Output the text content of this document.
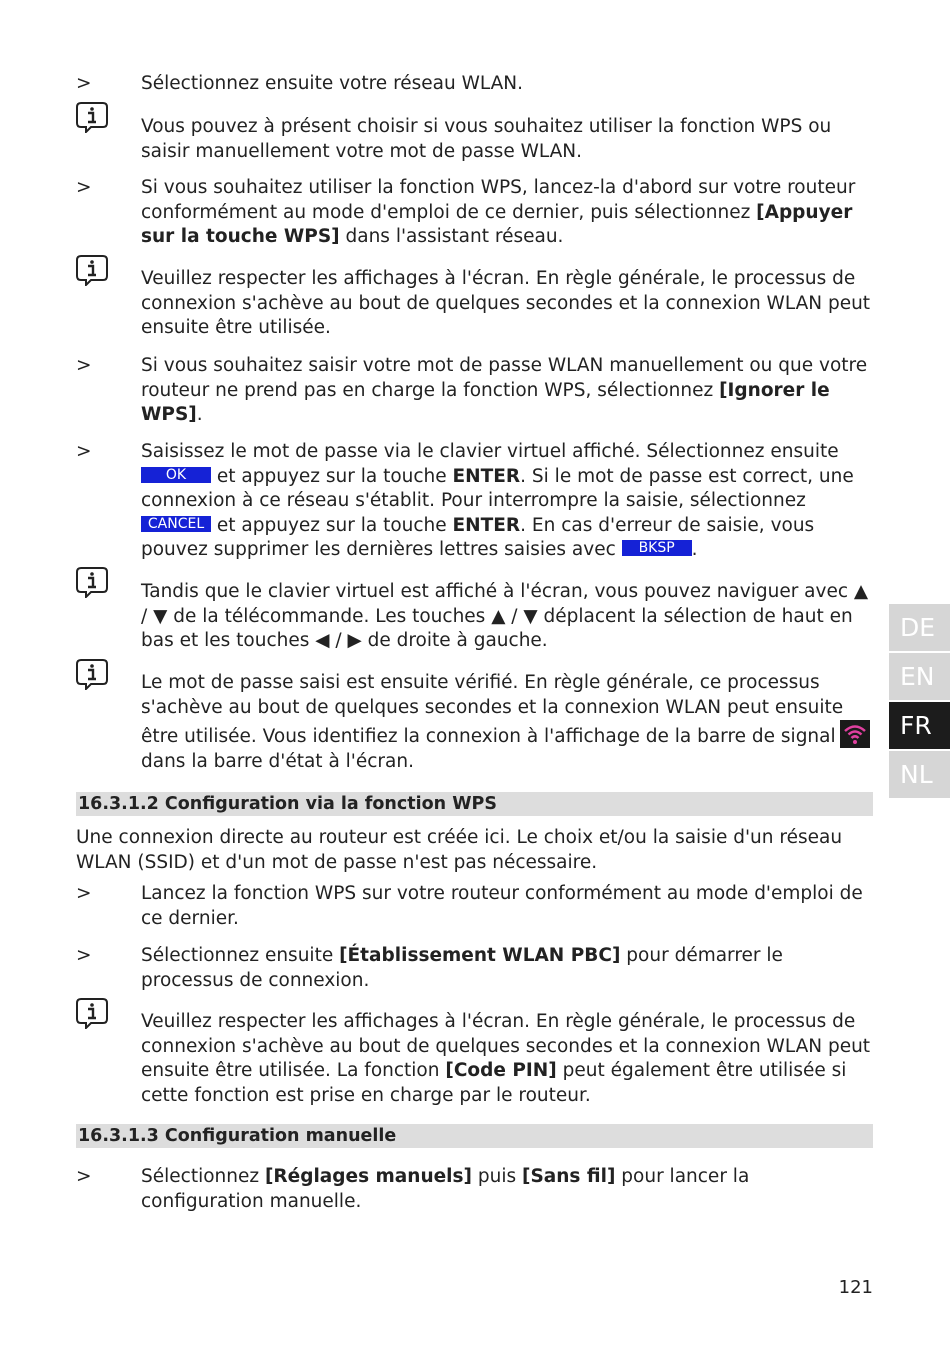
>	Sélectionnez ensuite votre réseau WLAN.
Vous pouvez à présent choisir si vous souhaitez utiliser la fonction WPS ou saisir manuellement votre mot de passe WLAN.
>	Si vous souhaitez utiliser la fonction WPS, lancez-la d'abord sur votre routeur conformément au mode d'emploi de ce dernier, puis sélectionnez [Appuyer sur la touche WPS] dans l'assistant réseau.
Veuillez respecter les affichages à l'écran. En règle générale, le processus de connexion s'achève au bout de quelques secondes et la connexion WLAN peut ensuite être utilisée.
>	Si vous souhaitez saisir votre mot de passe WLAN manuellement ou que votre routeur ne prend pas en charge la fonction WPS, sélectionnez [Ignorer le WPS].
>	Saisissez le mot de passe via le clavier virtuel affiché. Sélectionnez ensuite OK et appuyez sur la touche ENTER. Si le mot de passe est correct, une connexion à ce réseau s'établit. Pour interrompre la saisie, sélectionnez CANCEL et appuyez sur la touche ENTER. En cas d'erreur de saisie, vous pouvez supprimer les dernières lettres saisies avec BKSP .
Tandis que le clavier virtuel est affiché à l'écran, vous pouvez naviguer avec ▲ / ▼ de la télécommande. Les touches ▲ / ▼ déplacent la sélection de haut en bas et les touches ◀ / ▶ de droite à gauche.
Le mot de passe saisi est ensuite vérifié. En règle générale, ce processus s'achève au bout de quelques secondes et la connexion WLAN peut ensuite être utilisée. Vous identifiez la connexion à l'affichage de la barre de signal dans la barre d'état à l'écran.
16.3.1.2 Configuration via la fonction WPS
Une connexion directe au routeur est créée ici. Le choix et/ou la saisie d'un réseau WLAN (SSID) et d'un mot de passe n'est pas nécessaire.
>	Lancez la fonction WPS sur votre routeur conformément au mode d'emploi de ce dernier.
>	Sélectionnez ensuite [Établissement WLAN PBC] pour démarrer le processus de connexion.
Veuillez respecter les affichages à l'écran. En règle générale, le processus de connexion s'achève au bout de quelques secondes et la connexion WLAN peut ensuite être utilisée. La fonction [Code PIN] peut également être utilisée si cette fonction est prise en charge par le routeur.
16.3.1.3 Configuration manuelle
>	Sélectionnez [Réglages manuels] puis [Sans fil] pour lancer la configuration manuelle.
DE
EN
FR
NL
121
